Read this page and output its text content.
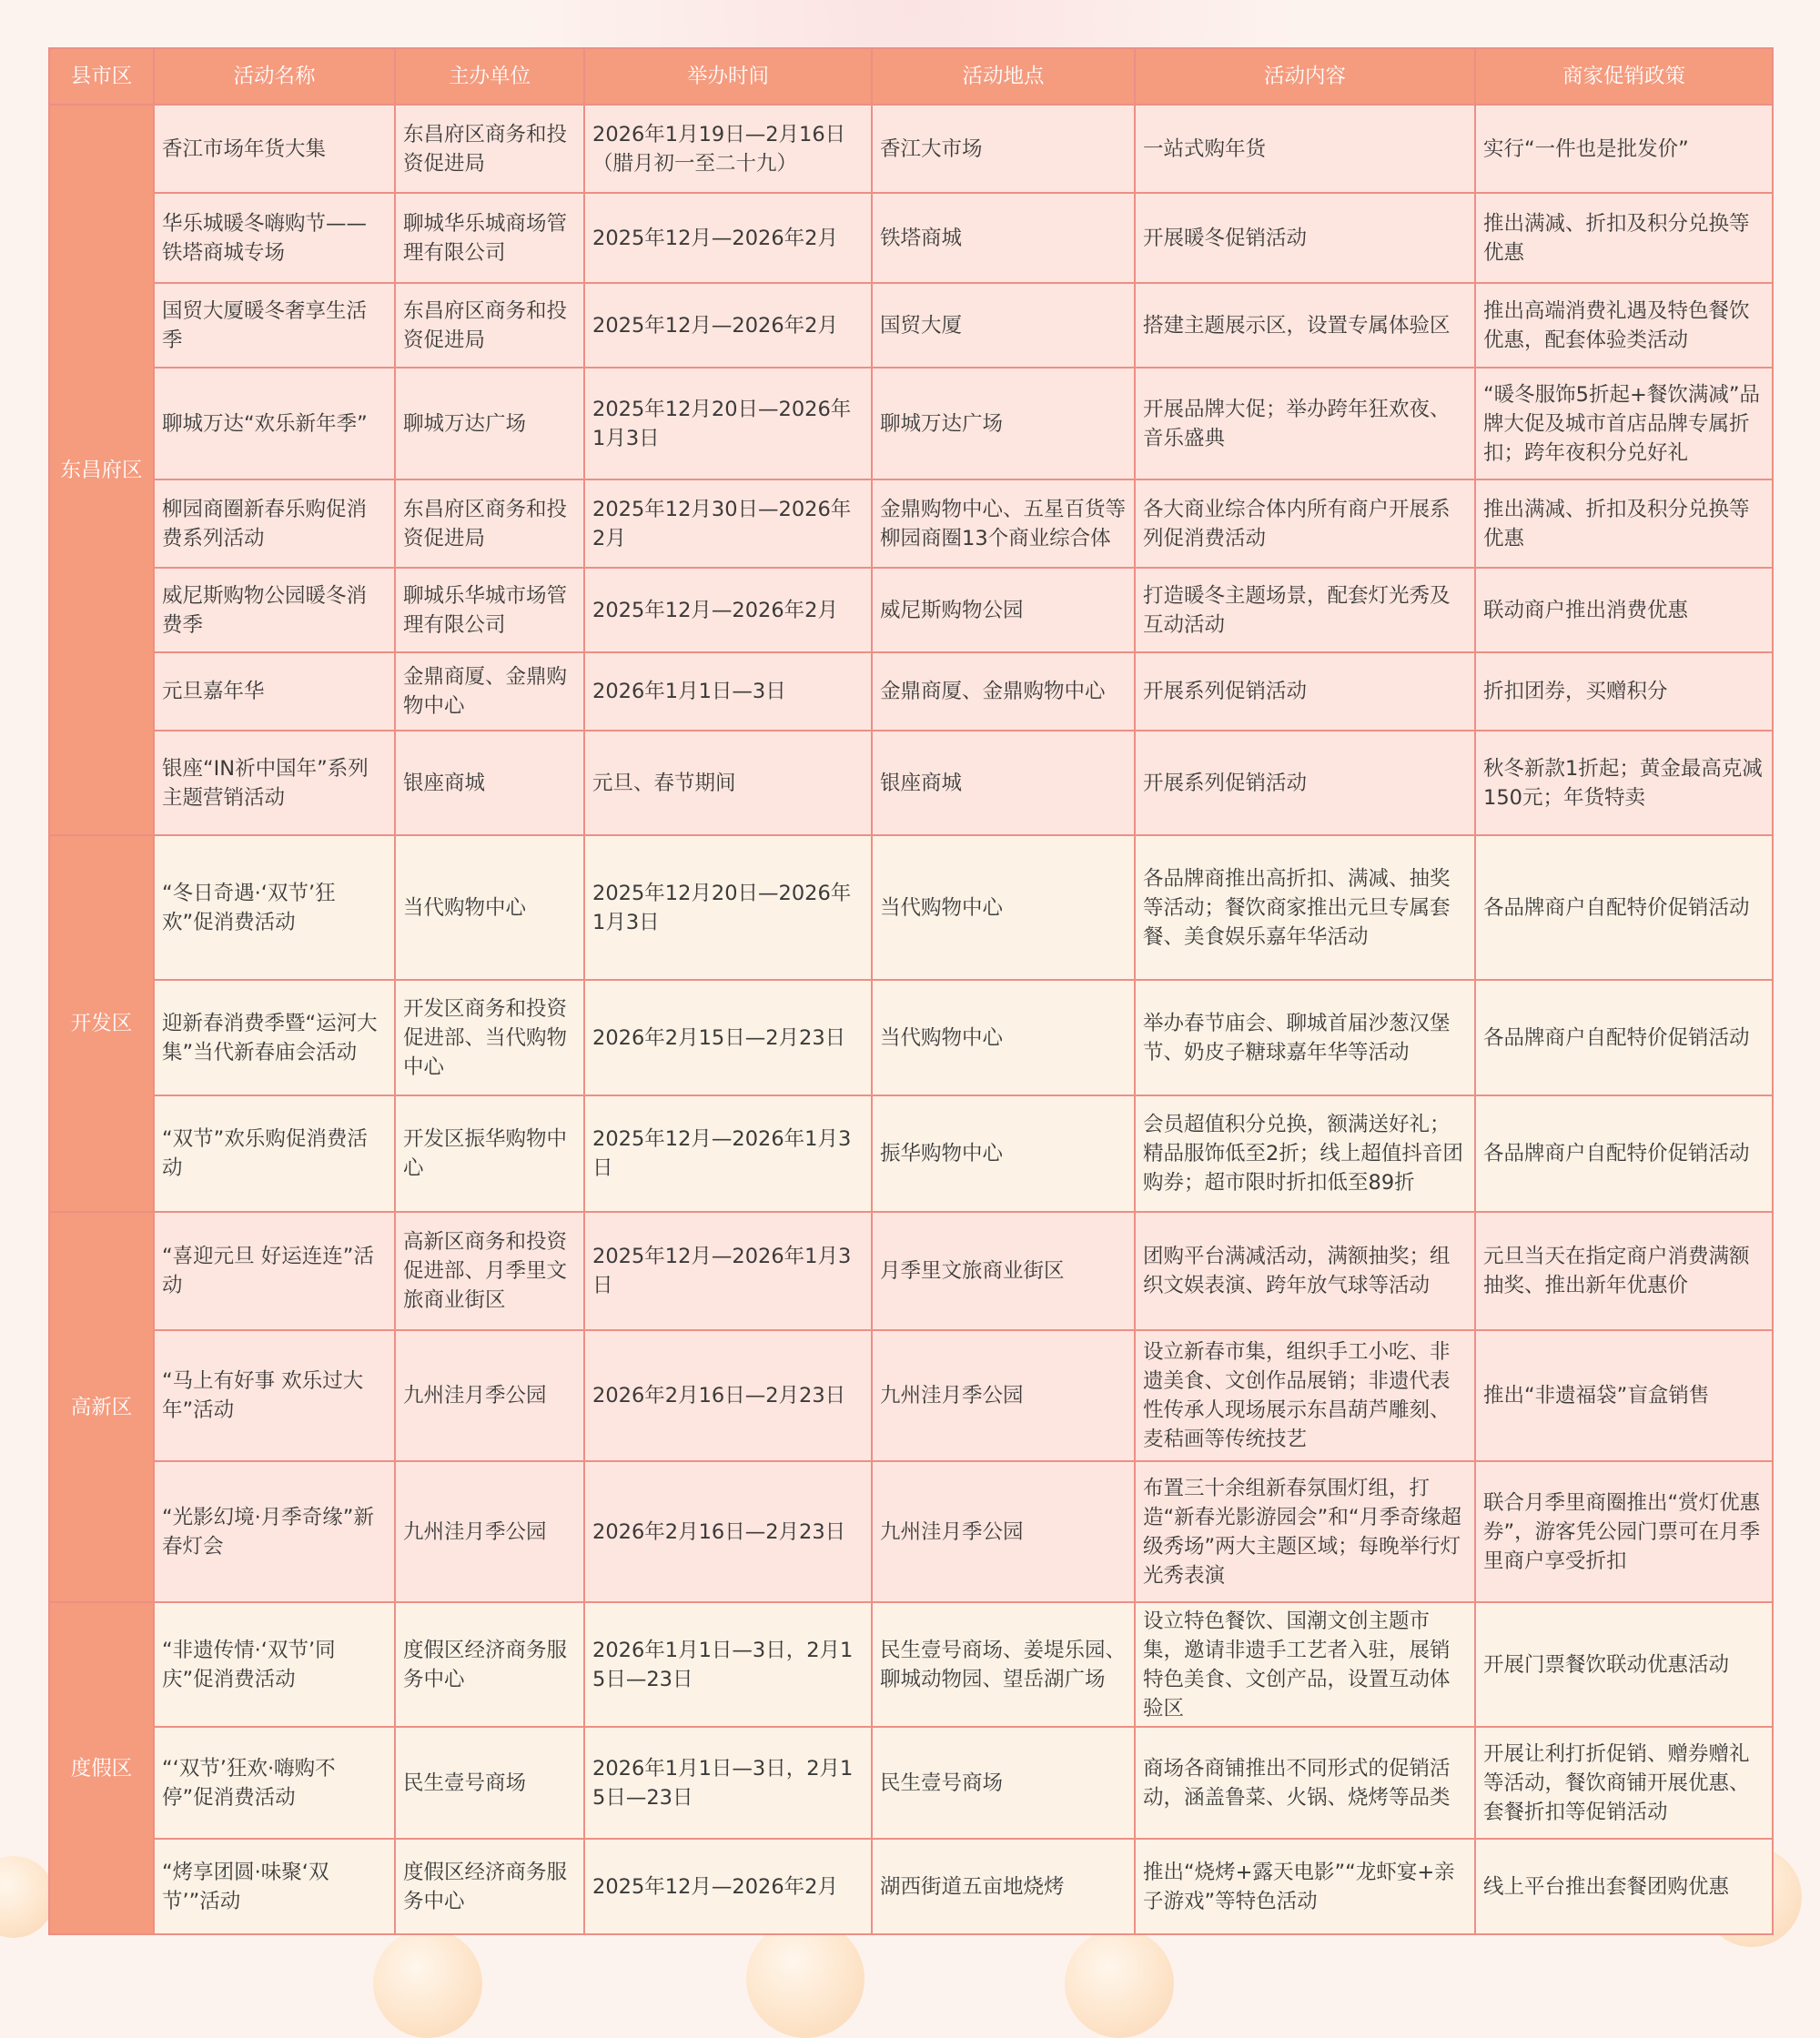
县市区	活动名称	主办单位	举办时间	活动地点	活动内容	商家促销政策
东昌府区	香江市场年货大集	东昌府区商务和投资促进局	2026年1月19日—2月16日（腊月初一至二十九）	香江大市场	一站式购年货	实行“一件也是批发价”
	华乐城暖冬嗨购节——铁塔商城专场	聊城华乐城商场管理有限公司	2025年12月—2026年2月	铁塔商城	开展暖冬促销活动	推出满减、折扣及积分兑换等优惠
	国贸大厦暖冬奢享生活季	东昌府区商务和投资促进局	2025年12月—2026年2月	国贸大厦	搭建主题展示区，设置专属体验区	推出高端消费礼遇及特色餐饮优惠，配套体验类活动
	聊城万达“欢乐新年季”	聊城万达广场	2025年12月20日—2026年1月3日	聊城万达广场	开展品牌大促；举办跨年狂欢夜、音乐盛典	“暖冬服饰5折起+餐饮满减”品牌大促及城市首店品牌专属折扣；跨年夜积分兑好礼
	柳园商圈新春乐购促消费系列活动	东昌府区商务和投资促进局	2025年12月30日—2026年2月	金鼎购物中心、五星百货等柳园商圈13个商业综合体	各大商业综合体内所有商户开展系列促消费活动	推出满减、折扣及积分兑换等优惠
	威尼斯购物公园暖冬消费季	聊城乐华城市场管理有限公司	2025年12月—2026年2月	威尼斯购物公园	打造暖冬主题场景，配套灯光秀及互动活动	联动商户推出消费优惠
	元旦嘉年华	金鼎商厦、金鼎购物中心	2026年1月1日—3日	金鼎商厦、金鼎购物中心	开展系列促销活动	折扣团券，买赠积分
	银座“IN祈中国年”系列主题营销活动	银座商城	元旦、春节期间	银座商城	开展系列促销活动	秋冬新款1折起；黄金最高克减150元；年货特卖
开发区	“冬日奇遇·‘双节’狂欢”促消费活动	当代购物中心	2025年12月20日—2026年1月3日	当代购物中心	各品牌商推出高折扣、满减、抽奖等活动；餐饮商家推出元旦专属套餐、美食娱乐嘉年华活动	各品牌商户自配特价促销活动
	迎新春消费季暨“运河大集”当代新春庙会活动	开发区商务和投资促进部、当代购物中心	2026年2月15日—2月23日	当代购物中心	举办春节庙会、聊城首届沙葱汉堡节、奶皮子糖球嘉年华等活动	各品牌商户自配特价促销活动
	“双节”欢乐购促消费活动	开发区振华购物中心	2025年12月—2026年1月3日	振华购物中心	会员超值积分兑换，额满送好礼；精品服饰低至2折；线上超值抖音团购券；超市限时折扣低至89折	各品牌商户自配特价促销活动
高新区	“喜迎元旦 好运连连”活动	高新区商务和投资促进部、月季里文旅商业街区	2025年12月—2026年1月3日	月季里文旅商业街区	团购平台满减活动，满额抽奖；组织文娱表演、跨年放气球等活动	元旦当天在指定商户消费满额抽奖、推出新年优惠价
	“马上有好事 欢乐过大年”活动	九州洼月季公园	2026年2月16日—2月23日	九州洼月季公园	设立新春市集，组织手工小吃、非遗美食、文创作品展销；非遗代表性传承人现场展示东昌葫芦雕刻、麦秸画等传统技艺	推出“非遗福袋”盲盒销售
	“光影幻境·月季奇缘”新春灯会	九州洼月季公园	2026年2月16日—2月23日	九州洼月季公园	布置三十余组新春氛围灯组，打造“新春光影游园会”和“月季奇缘超级秀场”两大主题区域；每晚举行灯光秀表演	联合月季里商圈推出“赏灯优惠券”，游客凭公园门票可在月季里商户享受折扣
度假区	“非遗传情·‘双节’同庆”促消费活动	度假区经济商务服务中心	2026年1月1日—3日，2月15日—23日	民生壹号商场、姜堤乐园、聊城动物园、望岳湖广场	设立特色餐饮、国潮文创主题市集，邀请非遗手工艺者入驻，展销特色美食、文创产品，设置互动体验区	开展门票餐饮联动优惠活动
	“‘双节’狂欢·嗨购不停”促消费活动	民生壹号商场	2026年1月1日—3日，2月15日—23日	民生壹号商场	商场各商铺推出不同形式的促销活动，涵盖鲁菜、火锅、烧烤等品类	开展让利打折促销、赠券赠礼等活动，餐饮商铺开展优惠、套餐折扣等促销活动
	“烤享团圆·味聚‘双节’”活动	度假区经济商务服务中心	2025年12月—2026年2月	湖西街道五亩地烧烤	推出“烧烤+露天电影”“龙虾宴+亲子游戏”等特色活动	线上平台推出套餐团购优惠
